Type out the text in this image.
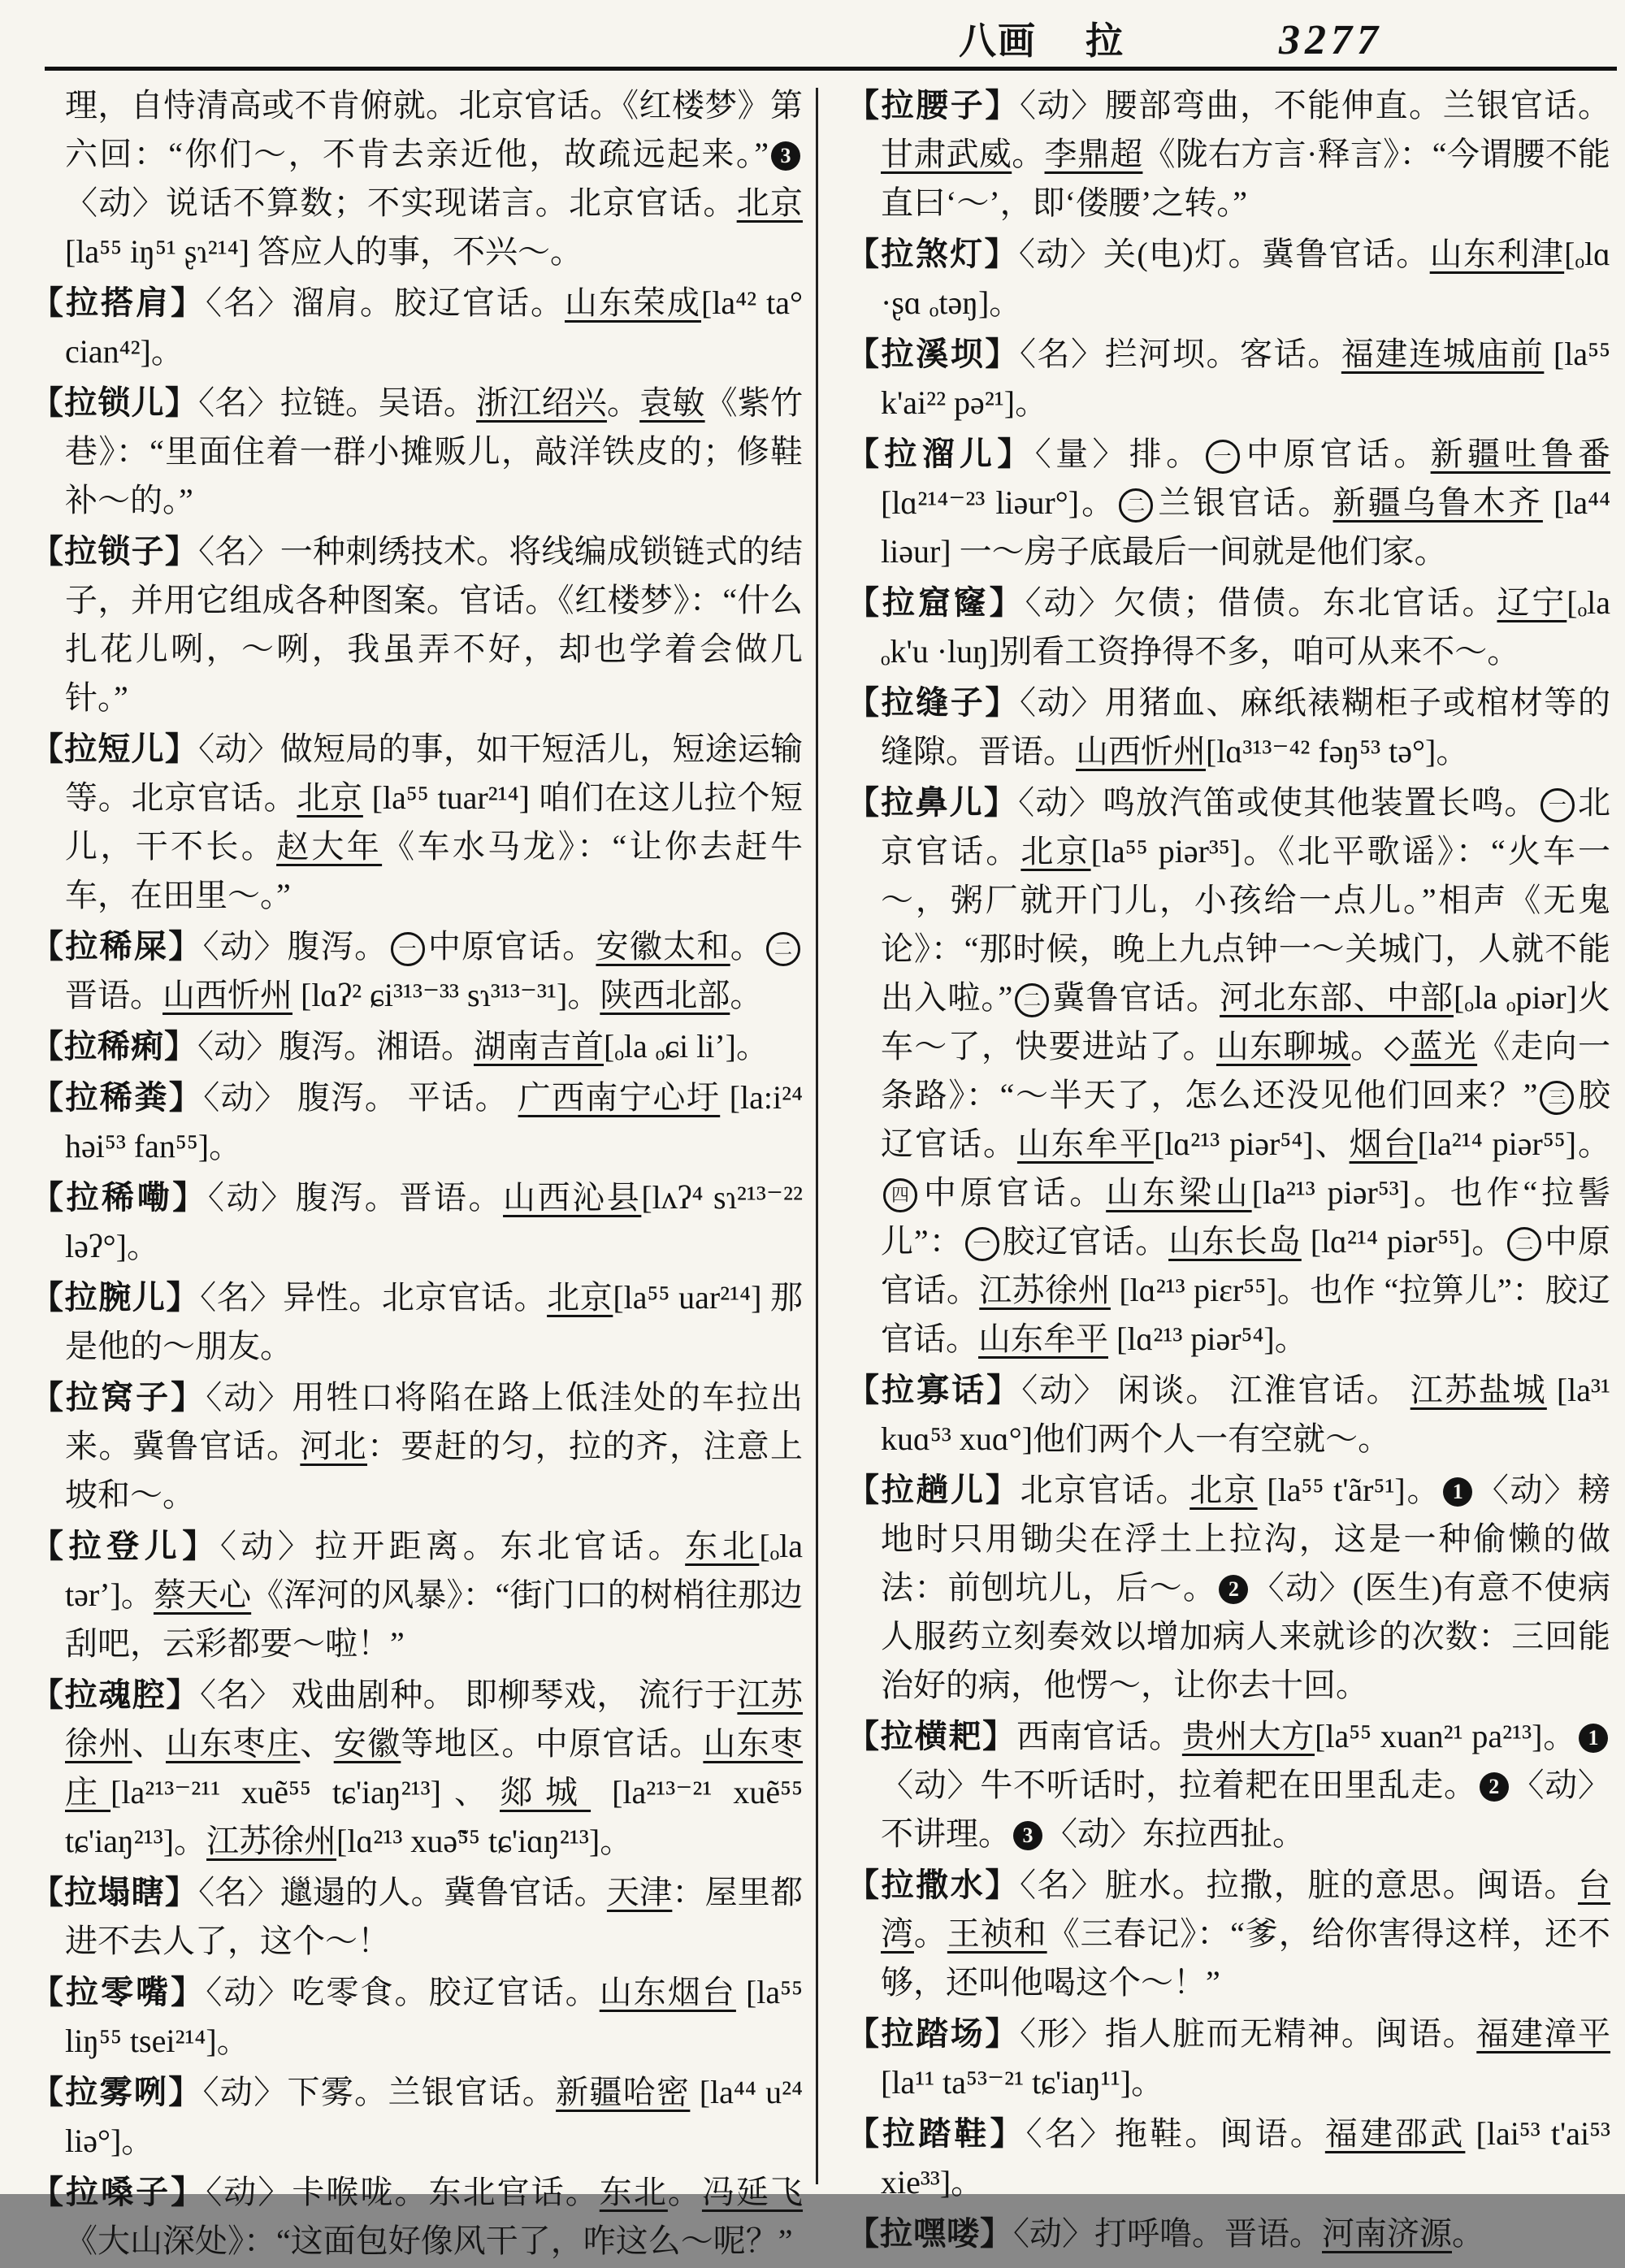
八画 拉	3277

理，自恃清高或不肯俯就。北京官话。《红楼梦》第六回：“你们～，不肯去亲近他，故疏远起来。” 3〈动〉说话不算数；不实现诺言。北京官话。北京 [la⁵⁵ iŋ⁵¹ ʂɿ²¹⁴] 答应人的事，不兴～。

【拉搭肩】〈名〉溜肩。胶辽官话。山东荣成[la⁴² ta° cian⁴²]。

【拉锁儿】〈名〉拉链。吴语。浙江绍兴。袁敏《紫竹巷》：“里面住着一群小摊贩儿，敲洋铁皮的；修鞋补～的。”

【拉锁子】〈名〉一种刺绣技术。将线编成锁链式的结子，并用它组成各种图案。官话。《红楼梦》：“什么扎花儿咧，～咧，我虽弄不好，却也学着会做几针。”

【拉短儿】〈动〉做短局的事，如干短活儿，短途运输等。北京官话。北京 [la⁵⁵ tuar²¹⁴] 咱们在这儿拉个短儿，干不长。赵大年《车水马龙》：“让你去赶牛车，在田里～。”

【拉稀屎】〈动〉腹泻。 一 中原官话。安徽太和。 二晋语。山西忻州 [lɑʔ² ɕi³¹³⁻³³ sɿ³¹³⁻³¹]。陕西北部。

【拉稀痢】〈动〉腹泻。湘语。湖南吉首[ₒla ₒɕi liʼ]。

【拉稀粪】〈动〉 腹泻。 平话。 广西南宁心圩 [la:i²⁴ həi⁵³ fan⁵⁵]。

【拉稀嘞】〈动〉腹泻。晋语。山西沁县[lʌʔ⁴ sɿ²¹³⁻²² ləʔ°]。

【拉腕儿】〈名〉异性。北京官话。北京[la⁵⁵ uar²¹⁴] 那是他的～朋友。

【拉窝子】〈动〉用牲口将陷在路上低洼处的车拉出来。冀鲁官话。河北：要赶的匀，拉的齐，注意上坡和～。

【拉登儿】〈动〉拉开距离。东北官话。东北[ₒla tərʼ]。蔡天心《浑河的风暴》：“街门口的树梢往那边刮吧，云彩都要～啦！”

【拉魂腔】〈名〉 戏曲剧种。 即柳琴戏， 流行于江苏徐州、山东枣庄、安徽等地区。中原官话。山东枣庄[la²¹³⁻²¹¹ xuẽ⁵⁵ tɕ'iaŋ²¹³]、郯城 [la²¹³⁻²¹ xuẽ⁵⁵ tɕ'iaŋ²¹³]。江苏徐州[lɑ²¹³ xuə̃⁵⁵ tɕ'iɑŋ²¹³]。

【拉塌瞎】〈名〉邋遢的人。冀鲁官话。天津：屋里都进不去人了，这个～！

【拉零嘴】〈动〉吃零食。胶辽官话。山东烟台 [la⁵⁵ liŋ⁵⁵ tsei²¹⁴]。

【拉雾咧】〈动〉下雾。兰银官话。新疆哈密 [la⁴⁴ u²⁴ liə°]。

【拉嗓子】〈动〉卡喉咙。东北官话。东北。冯延飞《大山深处》：“这面包好像风干了，咋这么～呢？”

【拉腰子】〈动〉腰部弯曲，不能伸直。兰银官话。甘肃武威。李鼎超《陇右方言·释言》：“今谓腰不能直曰‘～’，即‘偻腰’之转。”

【拉煞灯】〈动〉关(电)灯。冀鲁官话。山东利津[ₒlɑ ·ʂɑ ₒtəŋ]。

【拉溪坝】〈名〉拦河坝。客话。福建连城庙前 [la⁵⁵ k'ai²² pə²¹]。

【拉溜儿】〈量〉排。 一 中原官话。新疆吐鲁番 [lɑ²¹⁴⁻²³ liəur°]。 二 兰银官话。新疆乌鲁木齐 [la⁴⁴ liəur] 一～房子底最后一间就是他们家。

【拉窟窿】〈动〉欠债；借债。东北官话。辽宁[ₒla ₒk'u ·luŋ]别看工资挣得不多，咱可从来不～。

【拉缝子】〈动〉用猪血、麻纸裱糊柜子或棺材等的缝隙。晋语。山西忻州[lɑ³¹³⁻⁴² fəŋ⁵³ tə°]。

【拉鼻儿】〈动〉鸣放汽笛或使其他装置长鸣。 一 北京官话。北京[la⁵⁵ piər³⁵]。《北平歌谣》：“火车一～，粥厂就开门儿，小孩给一点儿。”相声《无鬼论》：“那时候，晚上九点钟一～关城门，人就不能出入啦。” 二 冀鲁官话。河北东部、中部[ₒla ₒpiər]火车～了，快要进站了。山东聊城。◇蓝光《走向一条路》：“～半天了，怎么还没见他们回来？” 三 胶辽官话。山东牟平[lɑ²¹³ piər⁵⁴]、烟台[la²¹⁴ piər⁵⁵]。四 中原官话。山东梁山[la²¹³ piər⁵³]。也作“拉髻儿”： 一 胶辽官话。山东长岛 [lɑ²¹⁴ piər⁵⁵]。 二 中原官话。江苏徐州 [lɑ²¹³ piɛr⁵⁵]。也作 “拉箅儿”：胶辽官话。山东牟平 [lɑ²¹³ piər⁵⁴]。

【拉寡话】〈动〉 闲谈。 江淮官话。 江苏盐城 [la³¹ kuɑ⁵³ xuɑ°]他们两个人一有空就～。

【拉趟儿】北京官话。北京 [la⁵⁵ t'ãr⁵¹]。 1 〈动〉耪地时只用锄尖在浮土上拉沟，这是一种偷懒的做法：前刨坑儿，后～。 2 〈动〉(医生)有意不使病人服药立刻奏效以增加病人来就诊的次数：三回能治好的病，他愣～，让你去十回。

【拉横耙】西南官话。贵州大方[la⁵⁵ xuan²¹ pa²¹³]。 1〈动〉牛不听话时，拉着耙在田里乱走。 2 〈动〉不讲理。 3 〈动〉东拉西扯。

【拉撒水】〈名〉脏水。拉撒，脏的意思。闽语。台湾。王祯和《三春记》：“爹，给你害得这样，还不够，还叫他喝这个～！”

【拉踏场】〈形〉指人脏而无精神。闽语。福建漳平[la¹¹ ta⁵³⁻²¹ tɕ'iaŋ¹¹]。

【拉踏鞋】〈名〉拖鞋。闽语。福建邵武 [lai⁵³ t'ai⁵³ xie³³]。

【拉嘿喽】〈动〉打呼噜。晋语。河南济源。
